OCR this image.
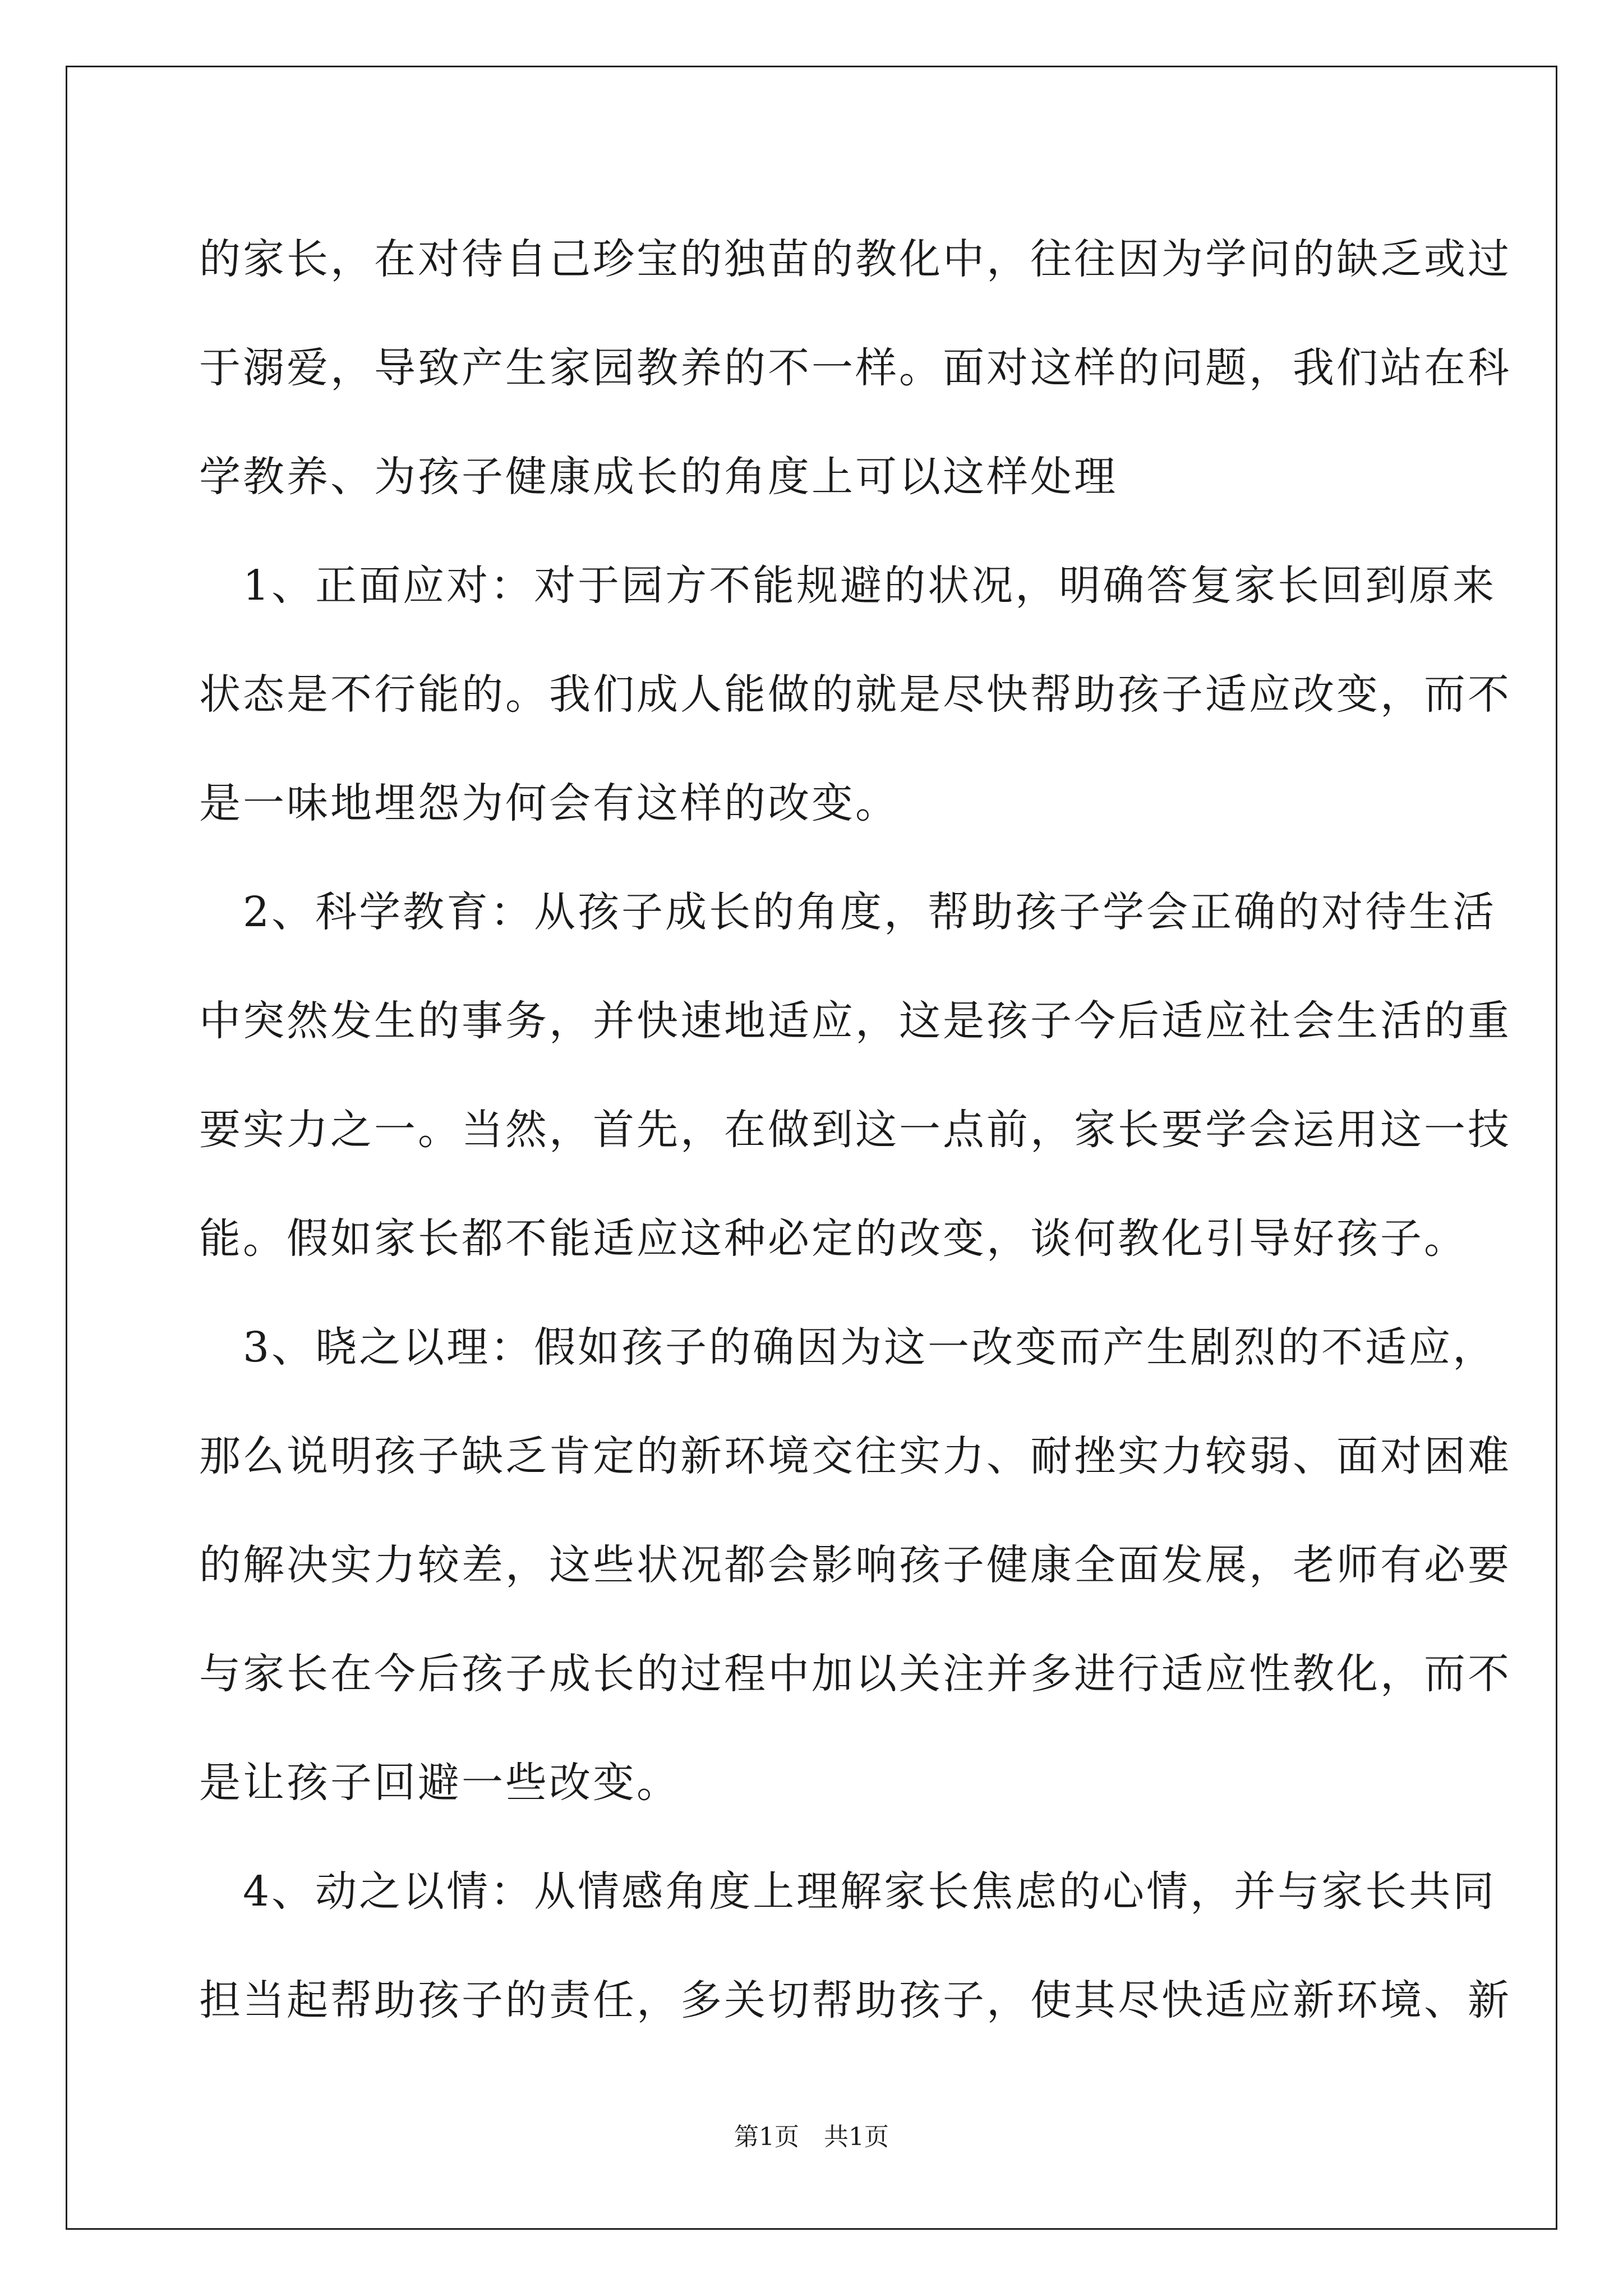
的家长，在对待自己珍宝的独苗的教化中，往往因为学问的缺乏或过
于溺爱，导致产生家园教养的不一样。面对这样的问题，我们站在科
学教养、为孩子健康成长的角度上可以这样处理
　1、正面应对：对于园方不能规避的状况，明确答复家长回到原来
状态是不行能的。我们成人能做的就是尽快帮助孩子适应改变，而不
是一味地埋怨为何会有这样的改变。
　2、科学教育：从孩子成长的角度，帮助孩子学会正确的对待生活
中突然发生的事务，并快速地适应，这是孩子今后适应社会生活的重
要实力之一。当然，首先，在做到这一点前，家长要学会运用这一技
能。假如家长都不能适应这种必定的改变，谈何教化引导好孩子。
　3、晓之以理：假如孩子的确因为这一改变而产生剧烈的不适应，
那么说明孩子缺乏肯定的新环境交往实力、耐挫实力较弱、面对困难
的解决实力较差，这些状况都会影响孩子健康全面发展，老师有必要
与家长在今后孩子成长的过程中加以关注并多进行适应性教化，而不
是让孩子回避一些改变。
　4、动之以情：从情感角度上理解家长焦虑的心情，并与家长共同
担当起帮助孩子的责任，多关切帮助孩子，使其尽快适应新环境、新
第1页　共1页
